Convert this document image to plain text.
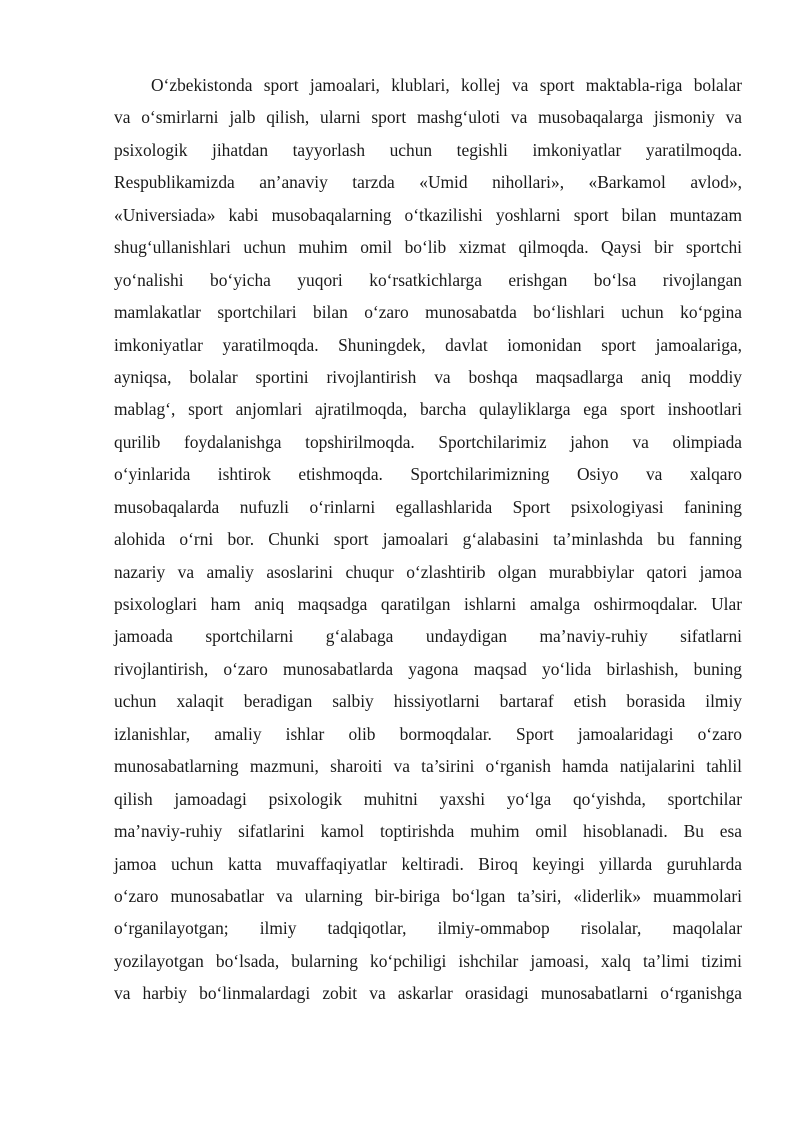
O‘zbekistonda sport jamoalari, klublari, kollej va sport maktabla-riga bolalar
va o‘smirlarni jalb qilish, ularni sport mashg‘uloti va musobaqalarga jismoniy va
psixologik jihatdan tayyorlash uchun tegishli imkoniyatlar yaratilmoqda.
Respublikamizda an’anaviy tarzda «Umid nihollari», «Barkamol avlod»,
«Universiada» kabi musobaqalarning o‘tkazilishi yoshlarni sport bilan muntazam
shug‘ullanishlari uchun muhim omil bo‘lib xizmat qilmoqda. Qaysi bir sportchi
yo‘nalishi bo‘yicha yuqori ko‘rsatkichlarga erishgan bo‘lsa rivojlangan
mamlakatlar sportchilari bilan o‘zaro munosabatda bo‘lishlari uchun ko‘pgina
imkoniyatlar yaratilmoqda. Shuningdek, davlat iomonidan sport jamoalariga,
ayniqsa, bolalar sportini rivojlantirish va boshqa maqsadlarga aniq moddiy
mablag‘, sport anjomlari ajratilmoqda, barcha qulayliklarga ega sport inshootlari
qurilib foydalanishga topshirilmoqda. Sportchilarimiz jahon va olimpiada
o‘yinlarida ishtirok etishmoqda. Sportchilarimizning Osiyo va xalqaro
musobaqalarda nufuzli o‘rinlarni egallashlarida Sport psixologiyasi fanining
alohida o‘rni bor. Chunki sport jamoalari g‘alabasini ta’minlashda bu fanning
nazariy va amaliy asoslarini chuqur o‘zlashtirib olgan murabbiylar qatori jamoa
psixologlari ham aniq maqsadga qaratilgan ishlarni amalga oshirmoqdalar. Ular
jamoada sportchilarni g‘alabaga undaydigan ma’naviy-ruhiy sifatlarni
rivojlantirish, o‘zaro munosabatlarda yagona maqsad yo‘lida birlashish, buning
uchun xalaqit beradigan salbiy hissiyotlarni bartaraf etish borasida ilmiy
izlanishlar, amaliy ishlar olib bormoqdalar. Sport jamoalaridagi o‘zaro
munosabatlarning mazmuni, sharoiti va ta’sirini o‘rganish hamda natijalarini tahlil
qilish jamoadagi psixologik muhitni yaxshi yo‘lga qo‘yishda, sportchilar
ma’naviy-ruhiy sifatlarini kamol toptirishda muhim omil hisoblanadi. Bu esa
jamoa uchun katta muvaffaqiyatlar keltiradi. Biroq keyingi yillarda guruhlarda
o‘zaro munosabatlar va ularning bir-biriga bo‘lgan ta’siri, «liderlik» muammolari
o‘rganilayotgan; ilmiy tadqiqotlar, ilmiy-ommabop risolalar, maqolalar
yozilayotgan bo‘lsada, bularning ko‘pchiligi ishchilar jamoasi, xalq ta’limi tizimi
va harbiy bo‘linmalardagi zobit va askarlar orasidagi munosabatlarni o‘rganishga
